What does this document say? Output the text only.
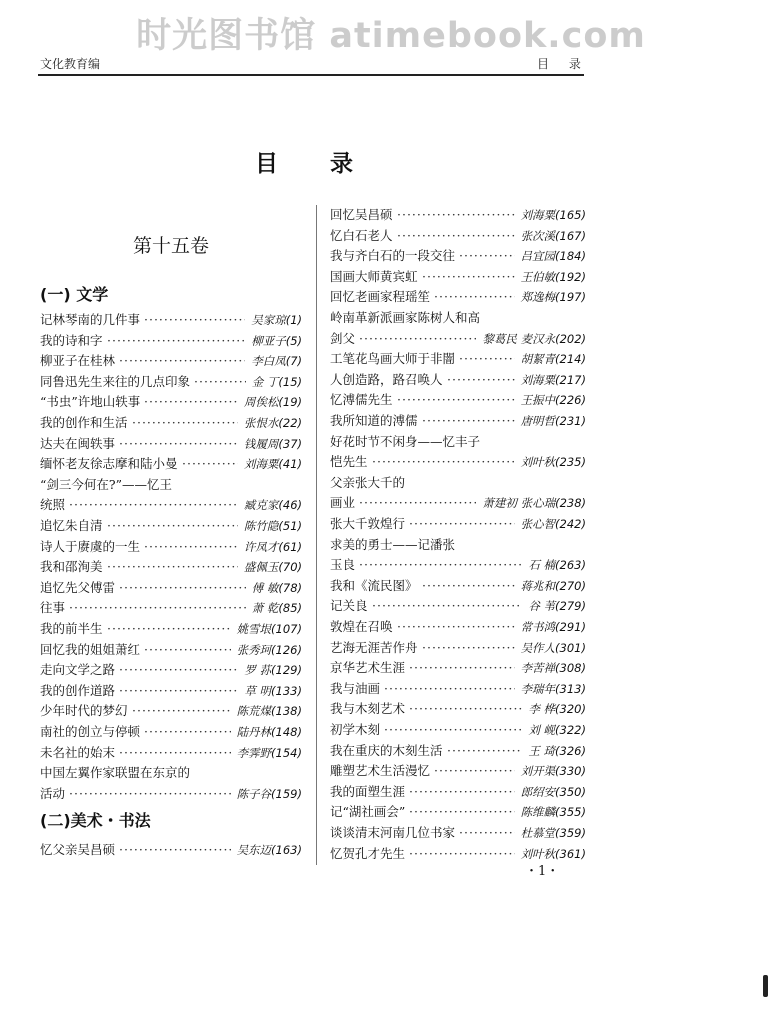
时光图书馆 atimebook.com
文化教育编	目 录
目 录
第十五卷
(一) 文学
(二)美术・书法
记林琴南的几件事	吴家琼(1)
·····
我的诗和字	柳亚子(5)
·····
柳亚子在桂林	李白凤(7)
·····
同鲁迅先生来往的几点印象	金 丁(15)
·····
“书虫”许地山轶事	周俟松(19)
·····
我的创作和生活	张恨水(22)
·····
达夫在闽轶事	钱履周(37)
·····
缅怀老友徐志摩和陆小曼	刘海粟(41)
·····
“剑三今何在?”——忆王
统照	臧克家(46)
·····
追忆朱自清	陈竹隐(51)
·····
诗人于赓虞的一生	许凤才(61)
·····
我和邵洵美	盛佩玉(70)
·····
追忆先父傅雷	傅 敏(78)
·····
往事	萧 乾(85)
·····
我的前半生	姚雪垠(107)
·····
回忆我的姐姐萧红	张秀珂(126)
·····
走向文学之路	罗 荪(129)
·····
我的创作道路	草 明(133)
·····
少年时代的梦幻	陈荒煤(138)
·····
南社的创立与停顿	陆丹林(148)
·····
未名社的始末	李霁野(154)
·····
中国左翼作家联盟在东京的
活动	陈子谷(159)
·····
忆父亲吴昌硕	吴东迈(163)
·····
回忆吴昌硕	刘海粟(165)
·····
忆白石老人	张次溪(167)
·····
我与齐白石的一段交往	吕宜园(184)
·····
国画大师黄宾虹	王伯敏(192)
·····
回忆老画家程瑶笙	郑逸梅(197)
·····
岭南革新派画家陈树人和高
剑父	黎葛民 麦汉永(202)
·····
工笔花鸟画大师于非闇	胡絜青(214)
·····
人创造路，路召唤人	刘海粟(217)
·····
忆溥儒先生	王振中(226)
·····
我所知道的溥儒	唐明哲(231)
·····
好花时节不闲身——忆丰子
恺先生	刘叶秋(235)
·····
父亲张大千的
画业	萧建初 张心瑞(238)
·····
张大千敦煌行	张心智(242)
·····
求美的勇士——记潘张
玉良	石 楠(263)
·····
我和《流民图》	蒋兆和(270)
·····
记关良	谷 苇(279)
·····
敦煌在召唤	常书鸿(291)
·····
艺海无涯苦作舟	吴作人(301)
·····
京华艺术生涯	李苦禅(308)
·····
我与油画	李瑞年(313)
·····
我与木刻艺术	李 桦(320)
·····
初学木刻	刘 岘(322)
·····
我在重庆的木刻生活	王 琦(326)
·····
雕塑艺术生活漫忆	刘开渠(330)
·····
我的面塑生涯	郎绍安(350)
·····
记“湖社画会”	陈维麟(355)
·····
谈谈清末河南几位书家	杜慕堂(359)
·····
忆贺孔才先生	刘叶秋(361)
·····
・1・
